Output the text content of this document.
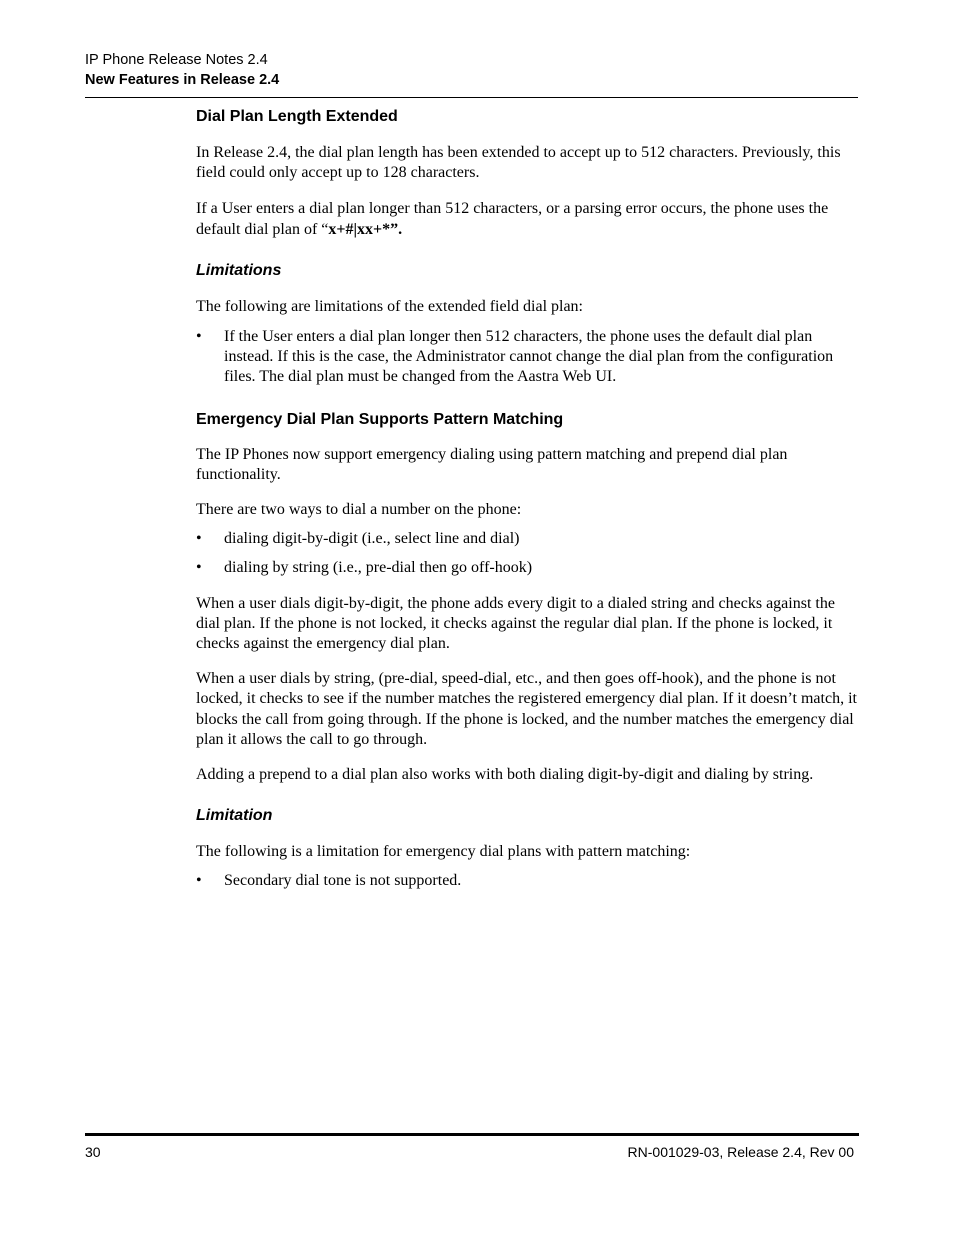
IP Phone Release Notes 2.4
New Features in Release 2.4
Dial Plan Length Extended

In Release 2.4, the dial plan length has been extended to accept up to 512 characters. Previously, this field could only accept up to 128 characters.

If a User enters a dial plan longer than 512 characters, or a parsing error occurs, the phone uses the default dial plan of “x+#|xx+*”.

Limitations

The following are limitations of the extended field dial plan:

• If the User enters a dial plan longer then 512 characters, the phone uses the default dial plan instead. If this is the case, the Administrator cannot change the dial plan from the configuration files. The dial plan must be changed from the Aastra Web UI.
Emergency Dial Plan Supports Pattern Matching

The IP Phones now support emergency dialing using pattern matching and prepend dial plan functionality.

There are two ways to dial a number on the phone:

• dialing digit-by-digit (i.e., select line and dial)
• dialing by string (i.e., pre-dial then go off-hook)

When a user dials digit-by-digit, the phone adds every digit to a dialed string and checks against the dial plan. If the phone is not locked, it checks against the regular dial plan. If the phone is locked, it checks against the emergency dial plan.

When a user dials by string, (pre-dial, speed-dial, etc., and then goes off-hook), and the phone is not locked, it checks to see if the number matches the registered emergency dial plan. If it doesn’t match, it blocks the call from going through. If the phone is locked, and the number matches the emergency dial plan it allows the call to go through.

Adding a prepend to a dial plan also works with both dialing digit-by-digit and dialing by string.

Limitation

The following is a limitation for emergency dial plans with pattern matching:

• Secondary dial tone is not supported.
30	RN-001029-03, Release 2.4, Rev 00
